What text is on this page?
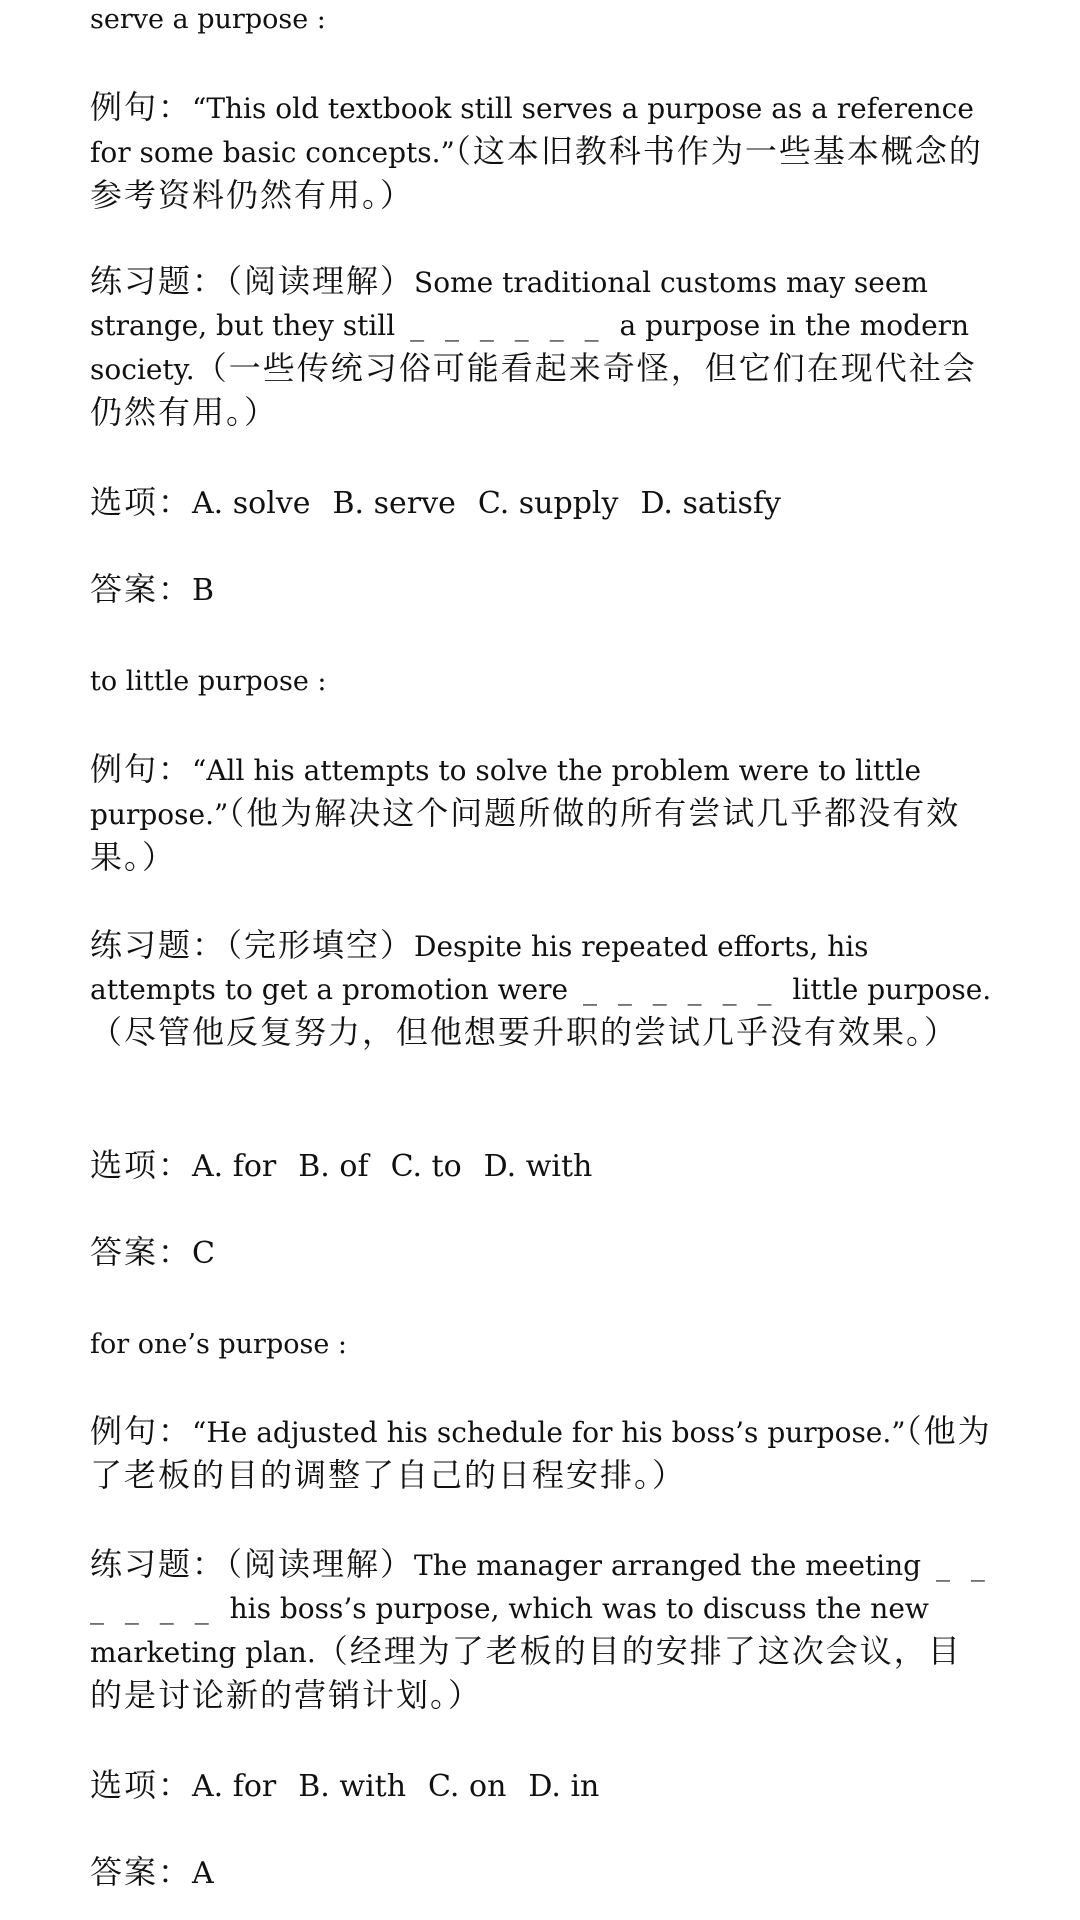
serve a purpose :
例句：“This old textbook still serves a purpose as a reference for some basic concepts.”（这本旧教科书作为一些基本概念的参考资料仍然有用。）
练习题：（阅读理解）Some traditional customs may seem strange, but they still _ _ _ _ _ _ a purpose in the modern society.（一些传统习俗可能看起来奇怪，但它们在现代社会仍然有用。）
选项：A. solve B. serve C. supply D. satisfy
答案：B
to little purpose :
例句：“All his attempts to solve the problem were to little purpose.”（他为解决这个问题所做的所有尝试几乎都没有效果。）
练习题：（完形填空）Despite his repeated efforts, his attempts to get a promotion were _ _ _ _ _ _ little purpose.（尽管他反复努力，但他想要升职的尝试几乎没有效果。）
选项：A. for B. of C. to D. with
答案：C
for one’s purpose :
例句：“He adjusted his schedule for his boss’s purpose.”（他为了老板的目的调整了自己的日程安排。）
练习题：（阅读理解）The manager arranged the meeting _ _ _ _ _ _ his boss’s purpose, which was to discuss the new marketing plan.（经理为了老板的目的安排了这次会议，目的是讨论新的营销计划。）
选项：A. for B. with C. on D. in
答案：A
